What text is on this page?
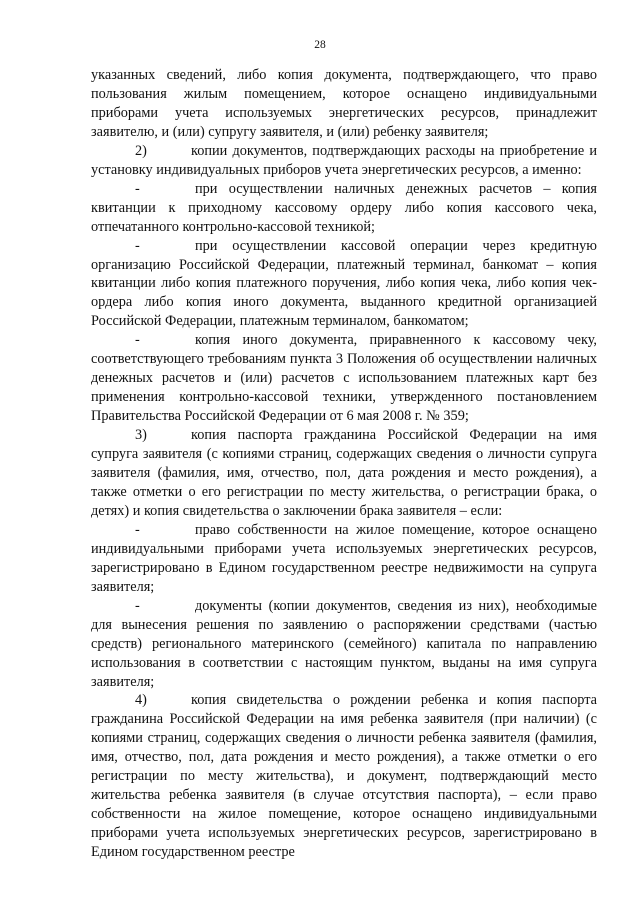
28

указанных сведений, либо копия документа, подтверждающего, что право пользования жилым помещением, которое оснащено индивидуальными приборами учета используемых энергетических ресурсов, принадлежит заявителю, и (или) супругу заявителя, и (или) ребенку заявителя;

2)	копии документов, подтверждающих расходы на приобретение и установку индивидуальных приборов учета энергетических ресурсов, а именно:

-	при осуществлении наличных денежных расчетов – копия квитанции к приходному кассовому ордеру либо копия кассового чека, отпечатанного контрольно-кассовой техникой;

-	при осуществлении кассовой операции через кредитную организацию Российской Федерации, платежный терминал, банкомат – копия квитанции либо копия платежного поручения, либо копия чека, либо копия чек-ордера либо копия иного документа, выданного кредитной организацией Российской Федерации, платежным терминалом, банкоматом;

-	копия иного документа, приравненного к кассовому чеку, соответствующего требованиям пункта 3 Положения об осуществлении наличных денежных расчетов и (или) расчетов с использованием платежных карт без применения контрольно-кассовой техники, утвержденного постановлением Правительства Российской Федерации от 6 мая 2008 г. № 359;

3)	копия паспорта гражданина Российской Федерации на имя супруга заявителя (с копиями страниц, содержащих сведения о личности супруга заявителя (фамилия, имя, отчество, пол, дата рождения и место рождения), а также отметки о его регистрации по месту жительства, о регистрации брака, о детях) и копия свидетельства о заключении брака заявителя – если:

-	право собственности на жилое помещение, которое оснащено индивидуальными приборами учета используемых энергетических ресурсов, зарегистрировано в Едином государственном реестре недвижимости на супруга заявителя;

-	документы (копии документов, сведения из них), необходимые для вынесения решения по заявлению о распоряжении средствами (частью средств) регионального материнского (семейного) капитала по направлению использования в соответствии с настоящим пунктом, выданы на имя супруга заявителя;

4)	копия свидетельства о рождении ребенка и копия паспорта гражданина Российской Федерации на имя ребенка заявителя (при наличии) (с копиями страниц, содержащих сведения о личности ребенка заявителя (фамилия, имя, отчество, пол, дата рождения и место рождения), а также отметки о его регистрации по месту жительства), и документ, подтверждающий место жительства ребенка заявителя (в случае отсутствия паспорта), – если право собственности на жилое помещение, которое оснащено индивидуальными приборами учета используемых энергетических ресурсов, зарегистрировано в Едином государственном реестре
